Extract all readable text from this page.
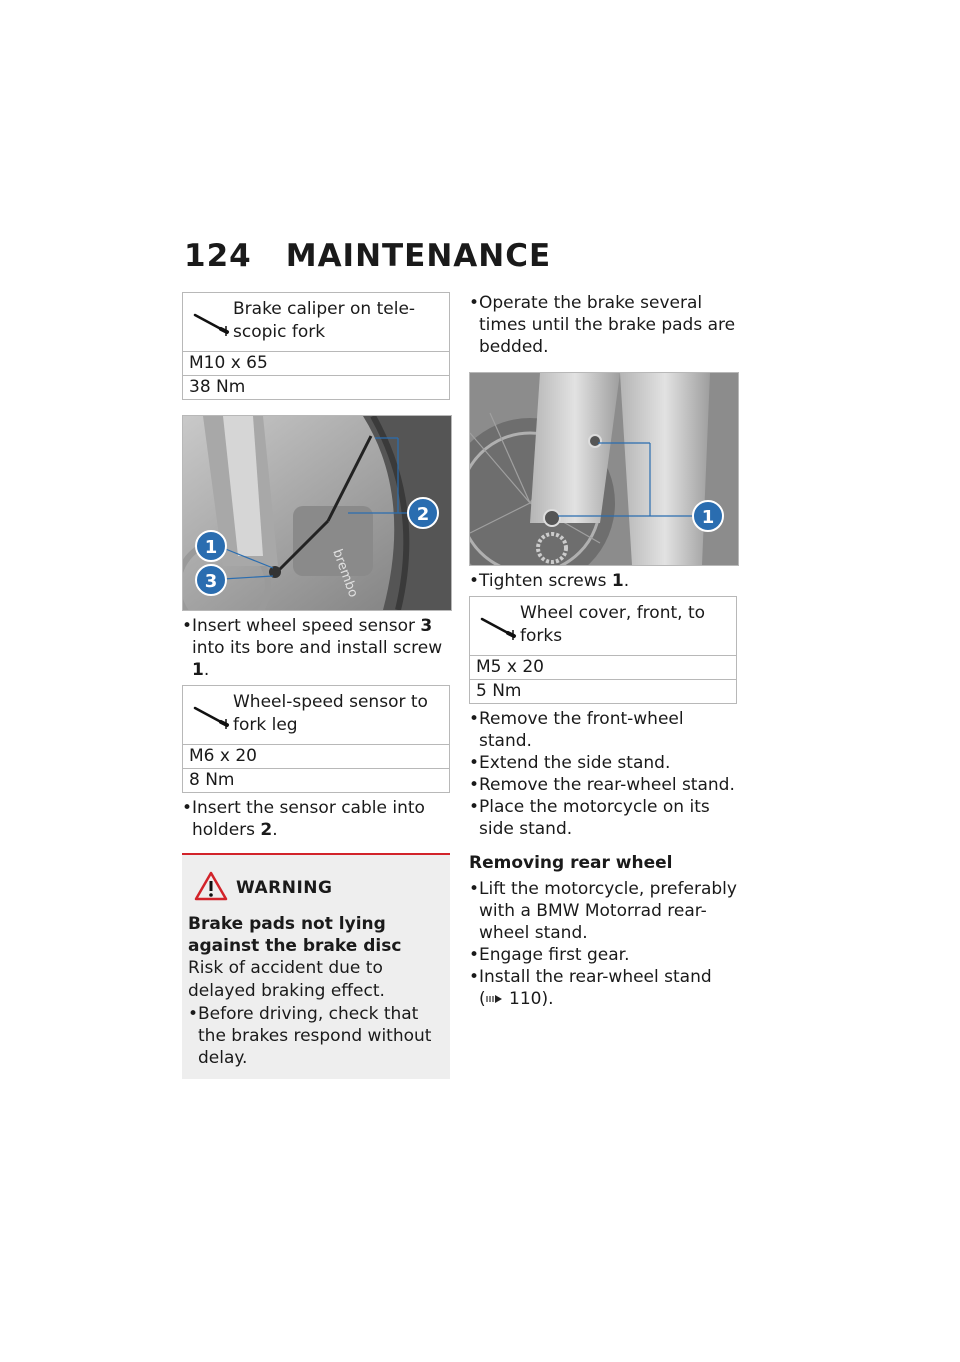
124 MAINTENANCE
Brake caliper on tele-scopic fork
M10 x 65
38 Nm
brembo
1
2
3
• Insert wheel speed sensor 3 into its bore and install screw 1.
Wheel-speed sensor to fork leg
M6 x 20
8 Nm
• Insert the sensor cable into holders 2.
WARNING
Brake pads not lying against the brake disc
Risk of accident due to delayed braking effect.
• Before driving, check that the brakes respond without delay.
• Operate the brake several times until the brake pads are bedded.
1
• Tighten screws 1.
Wheel cover, front, to forks
M5 x 20
5 Nm
• Remove the front-wheel stand.
• Extend the side stand.
• Remove the rear-wheel stand.
• Place the motorcycle on its side stand.
Removing rear wheel
• Lift the motorcycle, preferably with a BMW Motorrad rear-wheel stand.
• Engage first gear.
• Install the rear-wheel stand
( 110).
